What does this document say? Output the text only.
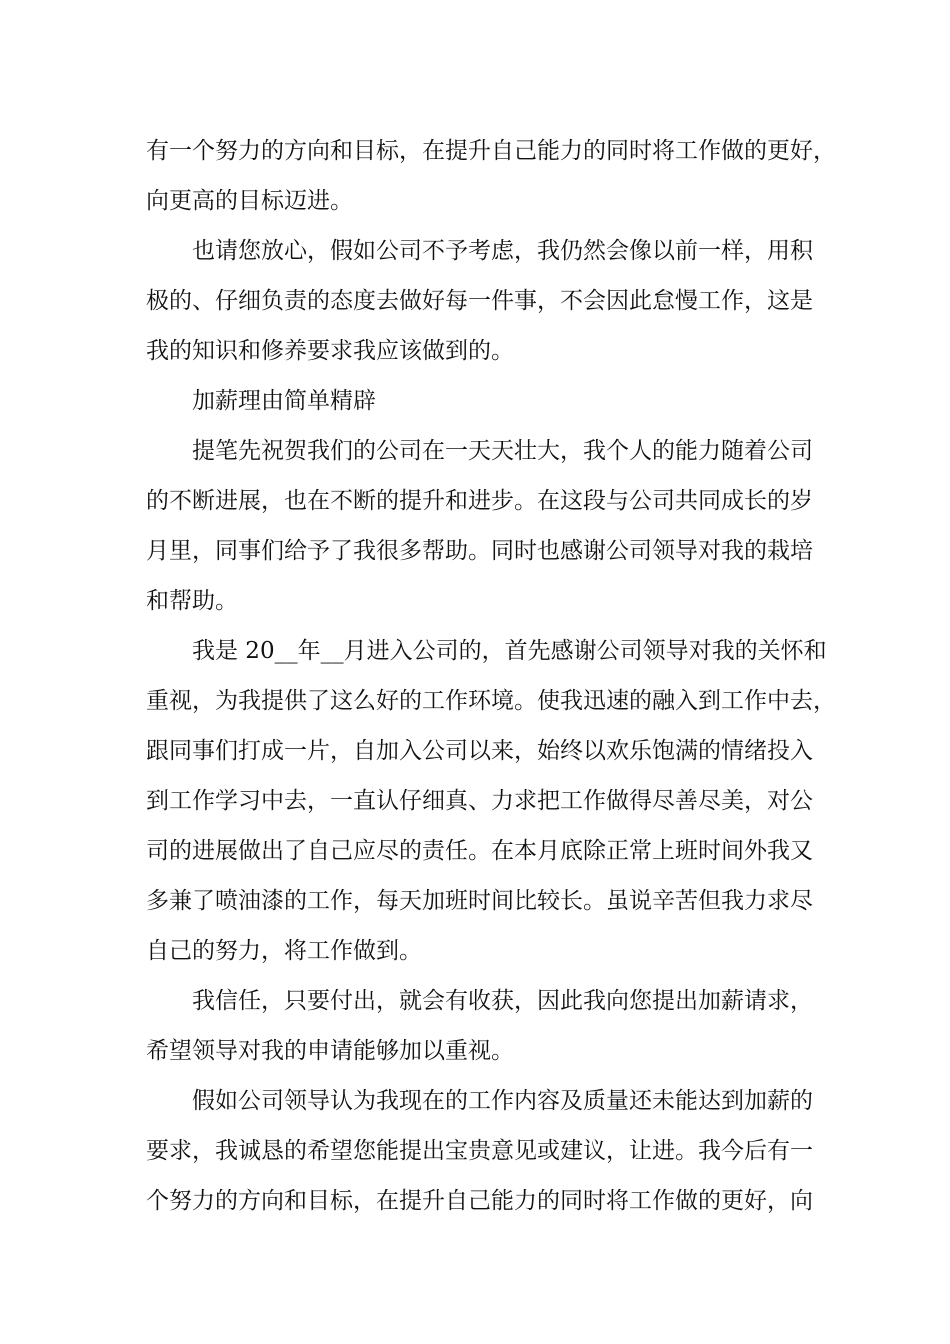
有一个努力的方向和目标，在提升自己能力的同时将工作做的更好，
向更高的目标迈进。
也请您放心，假如公司不予考虑，我仍然会像以前一样，用积
极的、仔细负责的态度去做好每一件事，不会因此怠慢工作，这是
我的知识和修养要求我应该做到的。
加薪理由简单精辟
提笔先祝贺我们的公司在一天天壮大，我个人的能力随着公司
的不断进展，也在不断的提升和进步。在这段与公司共同成长的岁
月里，同事们给予了我很多帮助。同时也感谢公司领导对我的栽培
和帮助。
我是 20__年__月进入公司的，首先感谢公司领导对我的关怀和
重视，为我提供了这么好的工作环境。使我迅速的融入到工作中去，
跟同事们打成一片，自加入公司以来，始终以欢乐饱满的情绪投入
到工作学习中去，一直认仔细真、力求把工作做得尽善尽美，对公
司的进展做出了自己应尽的责任。在本月底除正常上班时间外我又
多兼了喷油漆的工作，每天加班时间比较长。虽说辛苦但我力求尽
自己的努力，将工作做到。
我信任，只要付出，就会有收获，因此我向您提出加薪请求，
希望领导对我的申请能够加以重视。
假如公司领导认为我现在的工作内容及质量还未能达到加薪的
要求，我诚恳的希望您能提出宝贵意见或建议，让进。我今后有一
个努力的方向和目标，在提升自己能力的同时将工作做的更好，向
